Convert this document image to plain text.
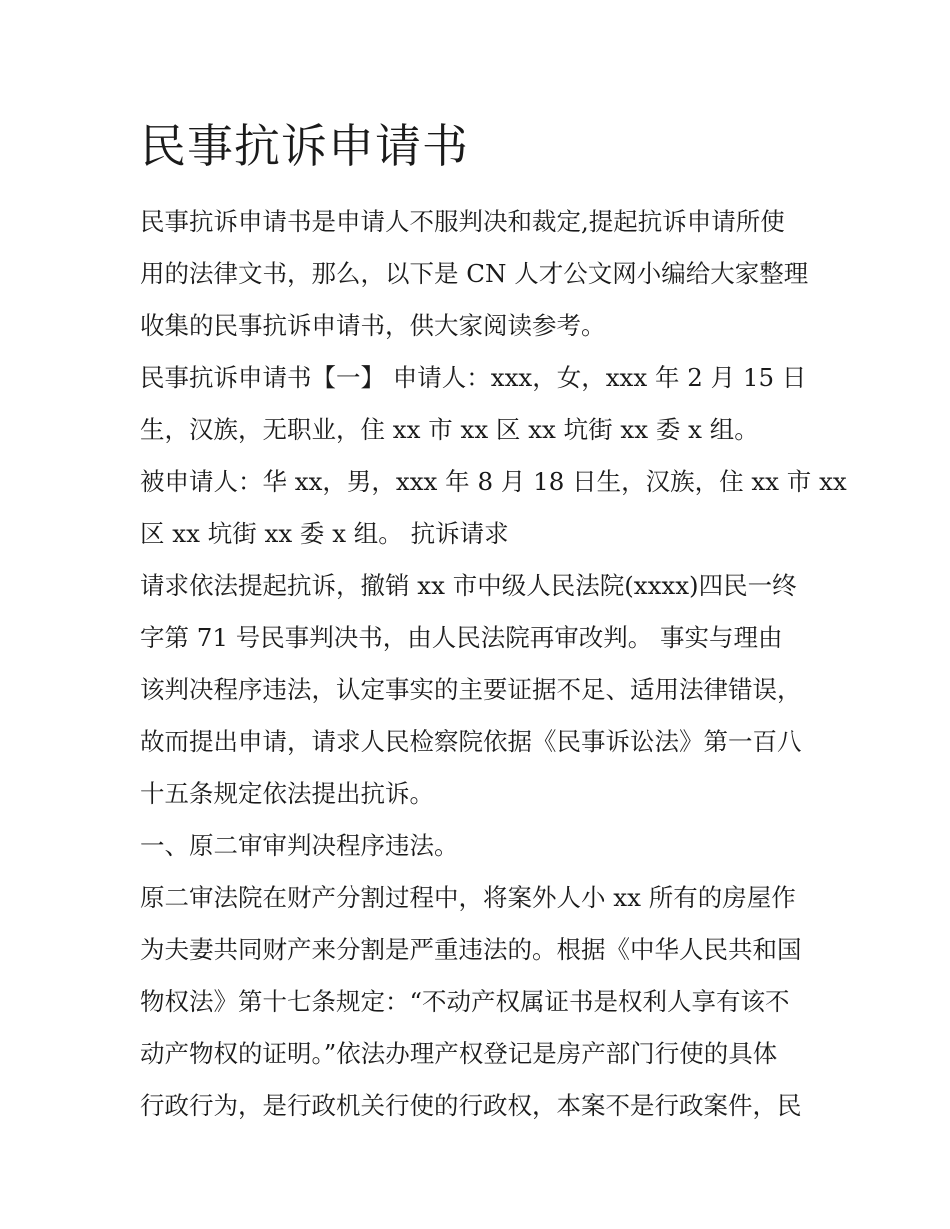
民事抗诉申请书

民事抗诉申请书是申请人不服判决和裁定,提起抗诉申请所使

用的法律文书，那么，以下是 CN 人才公文网小编给大家整理

收集的民事抗诉申请书，供大家阅读参考。

民事抗诉申请书【一】 申请人：xxx，女，xxx 年 2 月 15 日

生，汉族，无职业，住 xx 市 xx 区 xx 坑街 xx 委 x 组。

被申请人：华 xx，男，xxx 年 8 月 18 日生，汉族，住 xx 市 xx

区 xx 坑街 xx 委 x 组。 抗诉请求

请求依法提起抗诉，撤销 xx 市中级人民法院(xxxx)四民一终

字第 71 号民事判决书，由人民法院再审改判。 事实与理由

该判决程序违法，认定事实的主要证据不足、适用法律错误，

故而提出申请，请求人民检察院依据《民事诉讼法》第一百八

十五条规定依法提出抗诉。

一、原二审审判决程序违法。

原二审法院在财产分割过程中，将案外人小 xx 所有的房屋作

为夫妻共同财产来分割是严重违法的。根据《中华人民共和国

物权法》第十七条规定：“不动产权属证书是权利人享有该不

动产物权的证明。”依法办理产权登记是房产部门行使的具体

行政行为，是行政机关行使的行政权，本案不是行政案件，民
